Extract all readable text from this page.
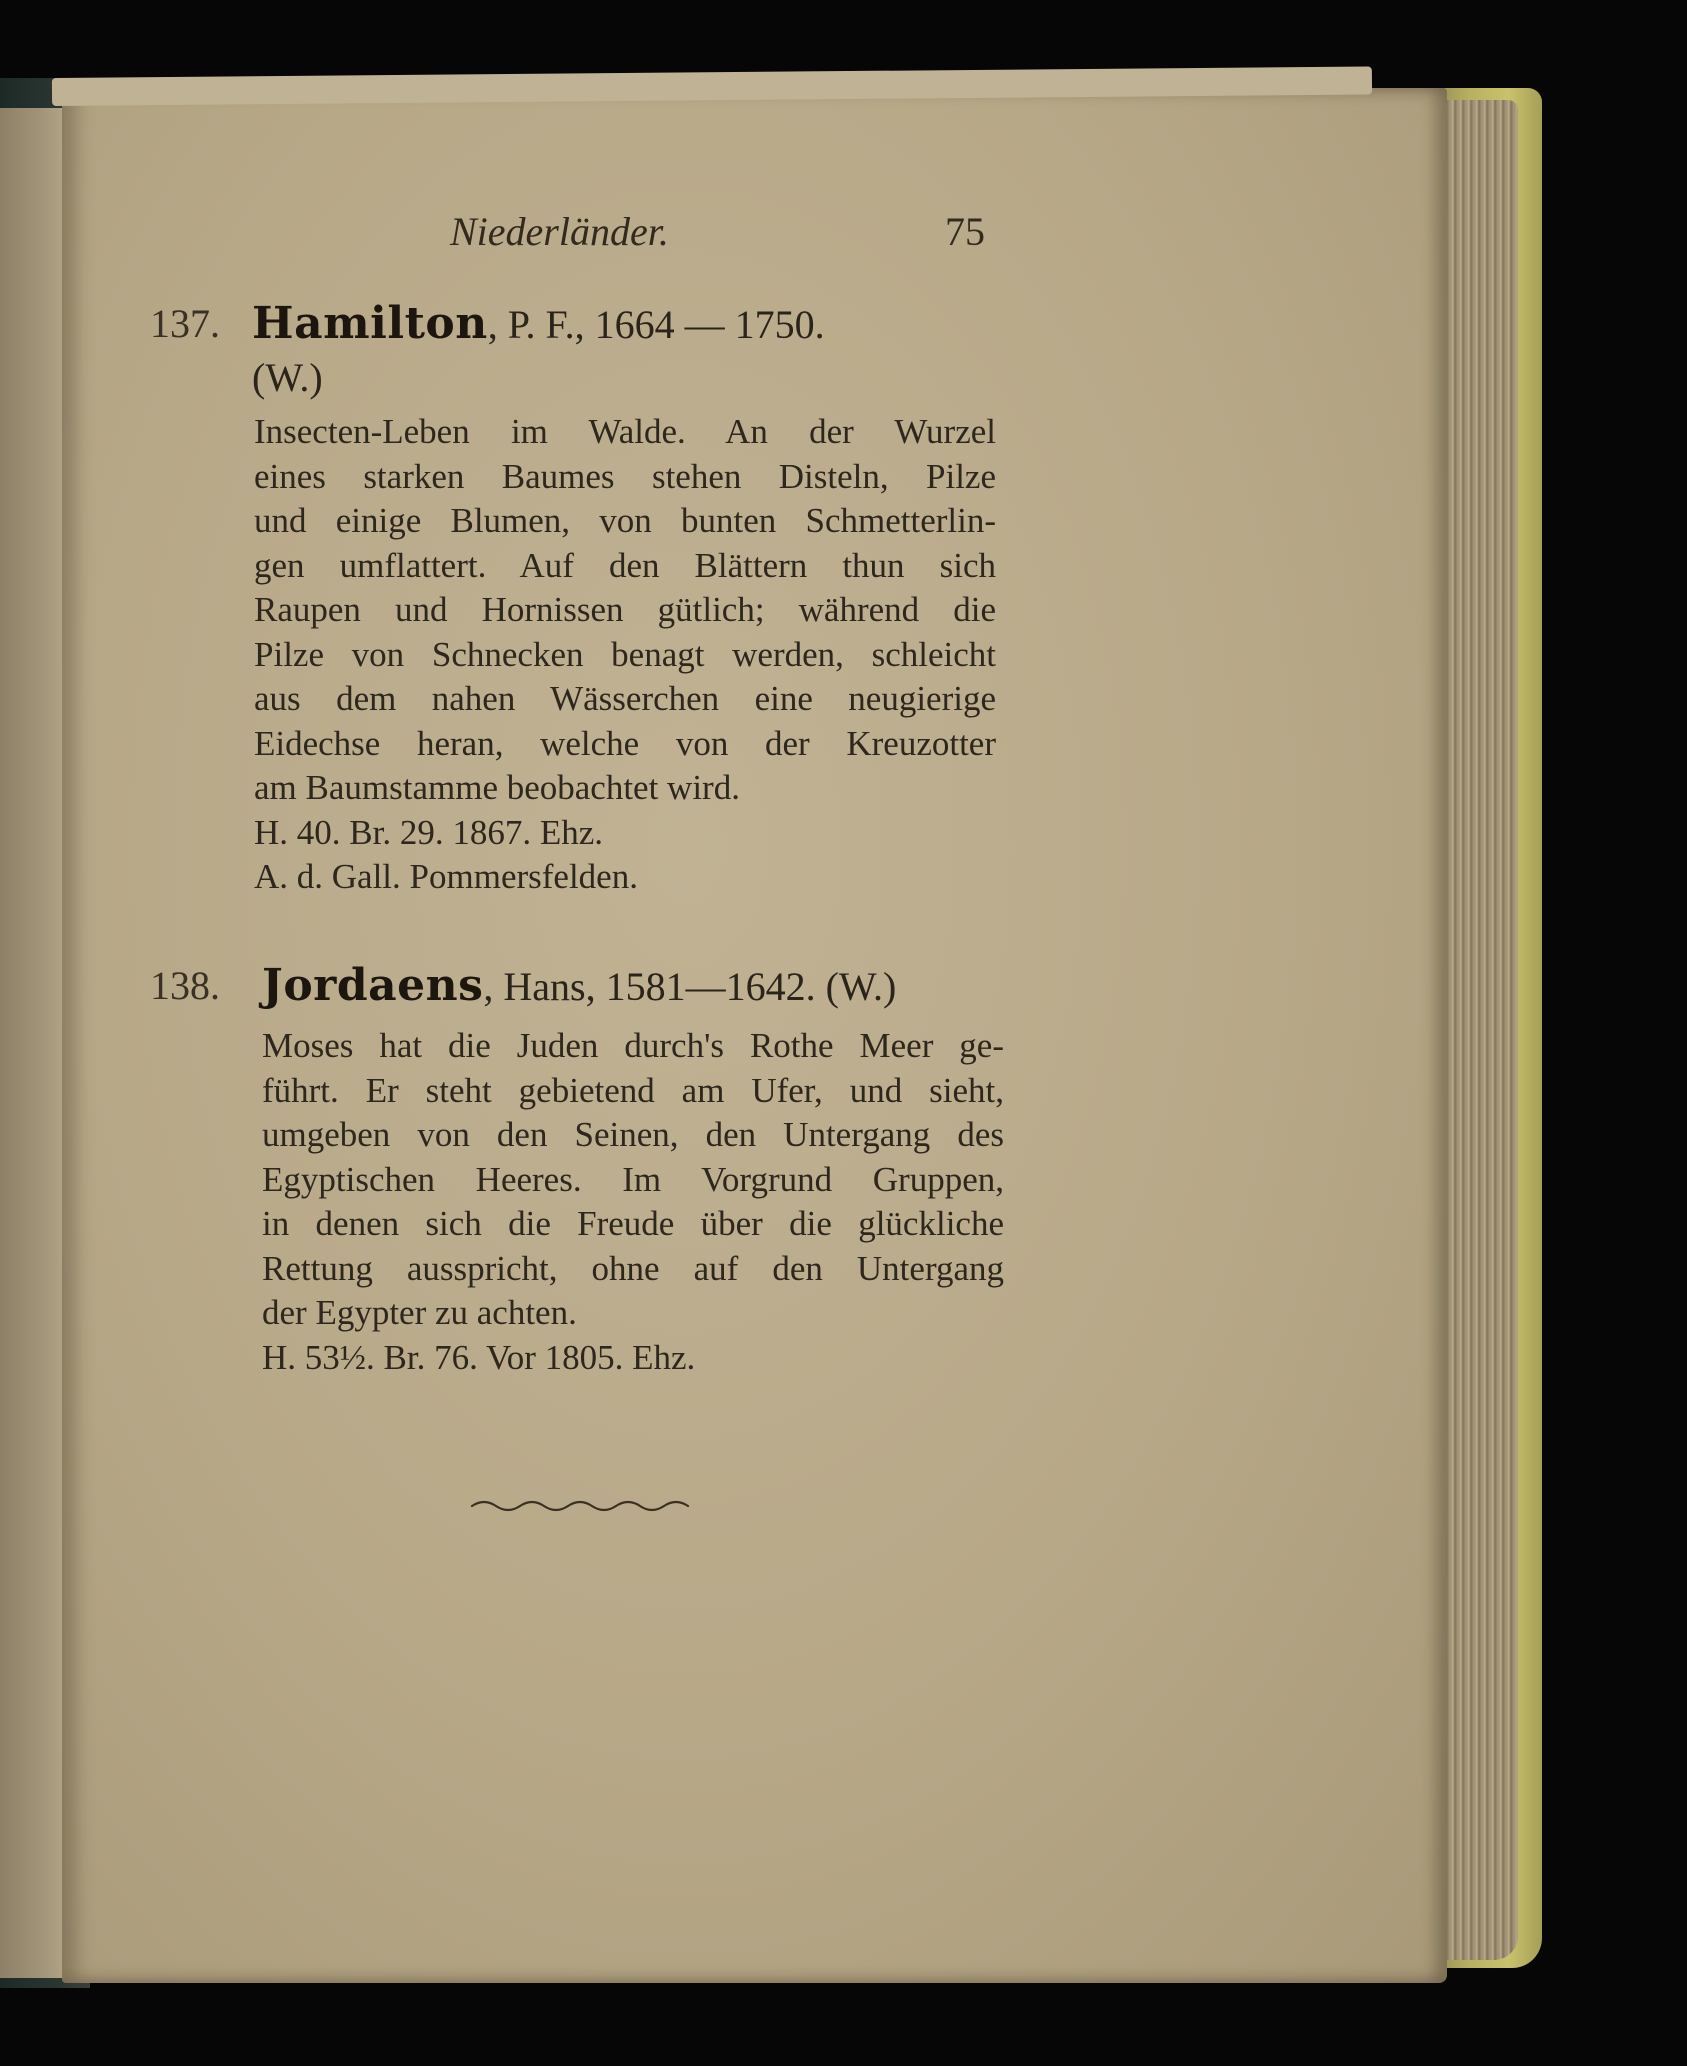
Niederländer.	75
137. Hamilton, P. F., 1664 — 1750.
(W.)
Insecten-Leben im Walde. An der Wurzel
eines starken Baumes stehen Disteln, Pilze
und einige Blumen, von bunten Schmetterlin-
gen umflattert. Auf den Blättern thun sich
Raupen und Hornissen gütlich; während die
Pilze von Schnecken benagt werden, schleicht
aus dem nahen Wässerchen eine neugierige
Eidechse heran, welche von der Kreuzotter
am Baumstamme beobachtet wird.
H. 40. Br. 29. 1867. Ehz.
A. d. Gall. Pommersfelden.
138. Jordaens, Hans, 1581—1642. (W.)
Moses hat die Juden durch's Rothe Meer ge-
führt. Er steht gebietend am Ufer, und sieht,
umgeben von den Seinen, den Untergang des
Egyptischen Heeres. Im Vorgrund Gruppen,
in denen sich die Freude über die glückliche
Rettung ausspricht, ohne auf den Untergang
der Egypter zu achten.
H. 53½. Br. 76. Vor 1805. Ehz.
